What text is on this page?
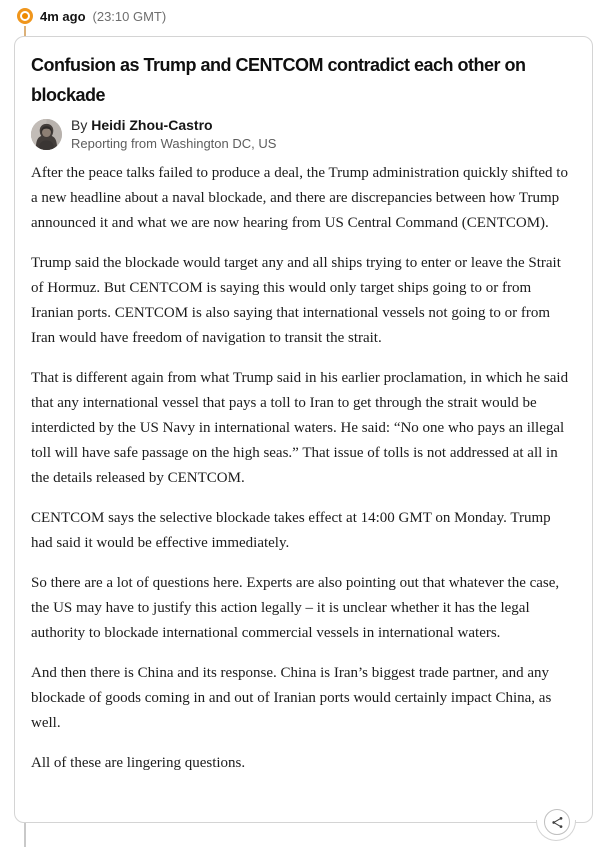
4m ago (23:10 GMT)
Confusion as Trump and CENTCOM contradict each other on blockade
By Heidi Zhou-Castro
Reporting from Washington DC, US

After the peace talks failed to produce a deal, the Trump administration quickly shifted to a new headline about a naval blockade, and there are discrepancies between how Trump announced it and what we are now hearing from US Central Command (CENTCOM).

Trump said the blockade would target any and all ships trying to enter or leave the Strait of Hormuz. But CENTCOM is saying this would only target ships going to or from Iranian ports. CENTCOM is also saying that international vessels not going to or from Iran would have freedom of navigation to transit the strait.

That is different again from what Trump said in his earlier proclamation, in which he said that any international vessel that pays a toll to Iran to get through the strait would be interdicted by the US Navy in international waters. He said: “No one who pays an illegal toll will have safe passage on the high seas.” That issue of tolls is not addressed at all in the details released by CENTCOM.

CENTCOM says the selective blockade takes effect at 14:00 GMT on Monday. Trump had said it would be effective immediately.

So there are a lot of questions here. Experts are also pointing out that whatever the case, the US may have to justify this action legally – it is unclear whether it has the legal authority to blockade international commercial vessels in international waters.

And then there is China and its response. China is Iran’s biggest trade partner, and any blockade of goods coming in and out of Iranian ports would certainly impact China, as well.

All of these are lingering questions.
